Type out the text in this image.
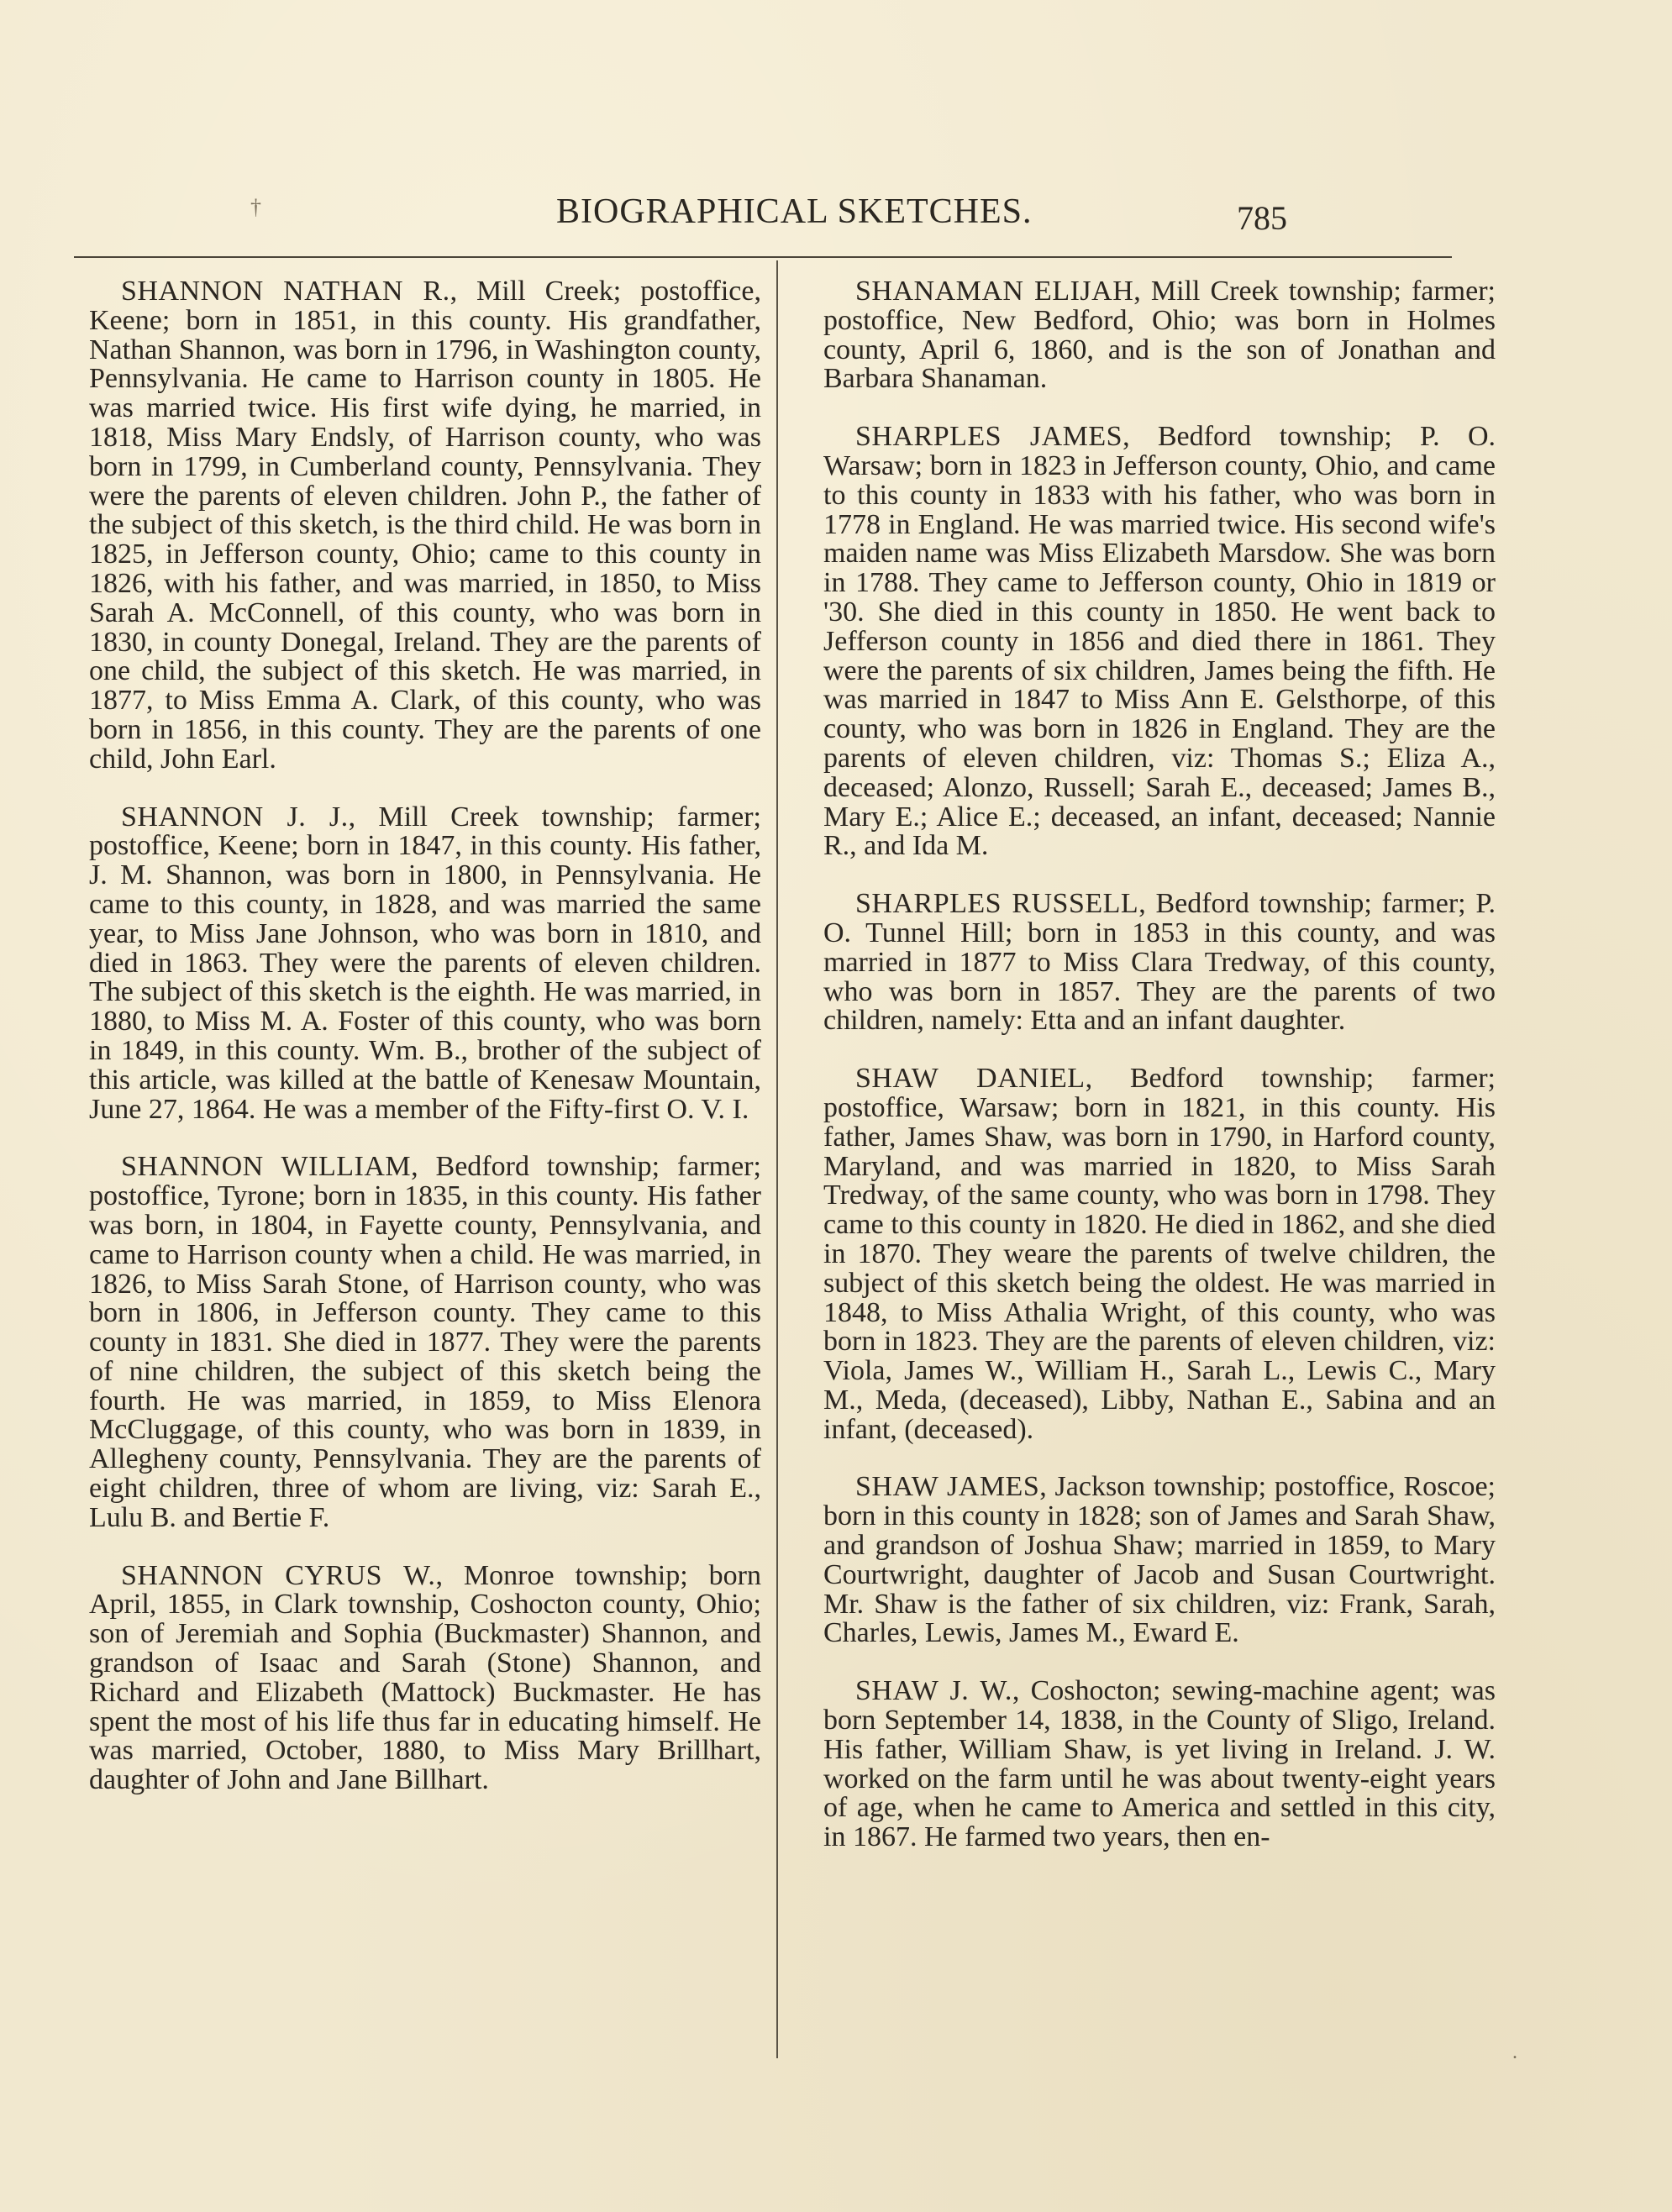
BIOGRAPHICAL SKETCHES.	785
†
.

SHANNON NATHAN R., Mill Creek; postoffice, Keene; born in 1851, in this county. His grandfather, Nathan Shannon, was born in 1796, in Washington county, Pennsylvania. He came to Harrison county in 1805. He was married twice. His first wife dying, he married, in 1818, Miss Mary Endsly, of Harrison county, who was born in 1799, in Cumberland county, Pennsylvania. They were the parents of eleven children. John P., the father of the subject of this sketch, is the third child. He was born in 1825, in Jefferson county, Ohio; came to this county in 1826, with his father, and was married, in 1850, to Miss Sarah A. McConnell, of this county, who was born in 1830, in county Donegal, Ireland. They are the parents of one child, the subject of this sketch. He was married, in 1877, to Miss Emma A. Clark, of this county, who was born in 1856, in this county. They are the parents of one child, John Earl.

SHANNON J. J., Mill Creek township; farmer; postoffice, Keene; born in 1847, in this county. His father, J. M. Shannon, was born in 1800, in Pennsylvania. He came to this county, in 1828, and was married the same year, to Miss Jane Johnson, who was born in 1810, and died in 1863. They were the parents of eleven children. The subject of this sketch is the eighth. He was married, in 1880, to Miss M. A. Foster of this county, who was born in 1849, in this county. Wm. B., brother of the subject of this article, was killed at the battle of Kenesaw Mountain, June 27, 1864. He was a member of the Fifty-first O. V. I.

SHANNON WILLIAM, Bedford township; farmer; postoffice, Tyrone; born in 1835, in this county. His father was born, in 1804, in Fayette county, Pennsylvania, and came to Harrison county when a child. He was married, in 1826, to Miss Sarah Stone, of Harrison county, who was born in 1806, in Jefferson county. They came to this county in 1831. She died in 1877. They were the parents of nine children, the subject of this sketch being the fourth. He was married, in 1859, to Miss Elenora McCluggage, of this county, who was born in 1839, in Allegheny county, Pennsylvania. They are the parents of eight children, three of whom are living, viz: Sarah E., Lulu B. and Bertie F.

SHANNON CYRUS W., Monroe township; born April, 1855, in Clark township, Coshocton county, Ohio; son of Jeremiah and Sophia (Buckmaster) Shannon, and grandson of Isaac and Sarah (Stone) Shannon, and Richard and Elizabeth (Mattock) Buckmaster. He has spent the most of his life thus far in educating himself. He was married, October, 1880, to Miss Mary Brillhart, daughter of John and Jane Billhart.

SHANAMAN ELIJAH, Mill Creek township; farmer; postoffice, New Bedford, Ohio; was born in Holmes county, April 6, 1860, and is the son of Jonathan and Barbara Shanaman.

SHARPLES JAMES, Bedford township; P. O. Warsaw; born in 1823 in Jefferson county, Ohio, and came to this county in 1833 with his father, who was born in 1778 in England. He was married twice. His second wife's maiden name was Miss Elizabeth Marsdow. She was born in 1788. They came to Jefferson county, Ohio in 1819 or '30. She died in this county in 1850. He went back to Jefferson county in 1856 and died there in 1861. They were the parents of six children, James being the fifth. He was married in 1847 to Miss Ann E. Gelsthorpe, of this county, who was born in 1826 in England. They are the parents of eleven children, viz: Thomas S.; Eliza A., deceased; Alonzo, Russell; Sarah E., deceased; James B., Mary E.; Alice E.; deceased, an infant, deceased; Nannie R., and Ida M.

SHARPLES RUSSELL, Bedford township; farmer; P. O. Tunnel Hill; born in 1853 in this county, and was married in 1877 to Miss Clara Tredway, of this county, who was born in 1857. They are the parents of two children, namely: Etta and an infant daughter.

SHAW DANIEL, Bedford township; farmer; postoffice, Warsaw; born in 1821, in this county. His father, James Shaw, was born in 1790, in Harford county, Maryland, and was married in 1820, to Miss Sarah Tredway, of the same county, who was born in 1798. They came to this county in 1820. He died in 1862, and she died in 1870. They weare the parents of twelve children, the subject of this sketch being the oldest. He was married in 1848, to Miss Athalia Wright, of this county, who was born in 1823. They are the parents of eleven children, viz: Viola, James W., William H., Sarah L., Lewis C., Mary M., Meda, (deceased), Libby, Nathan E., Sabina and an infant, (deceased).

SHAW JAMES, Jackson township; postoffice, Roscoe; born in this county in 1828; son of James and Sarah Shaw, and grandson of Joshua Shaw; married in 1859, to Mary Courtwright, daughter of Jacob and Susan Courtwright. Mr. Shaw is the father of six children, viz: Frank, Sarah, Charles, Lewis, James M., Eward E.

SHAW J. W., Coshocton; sewing-machine agent; was born September 14, 1838, in the County of Sligo, Ireland. His father, William Shaw, is yet living in Ireland. J. W. worked on the farm until he was about twenty-eight years of age, when he came to America and settled in this city, in 1867. He farmed two years, then en-
